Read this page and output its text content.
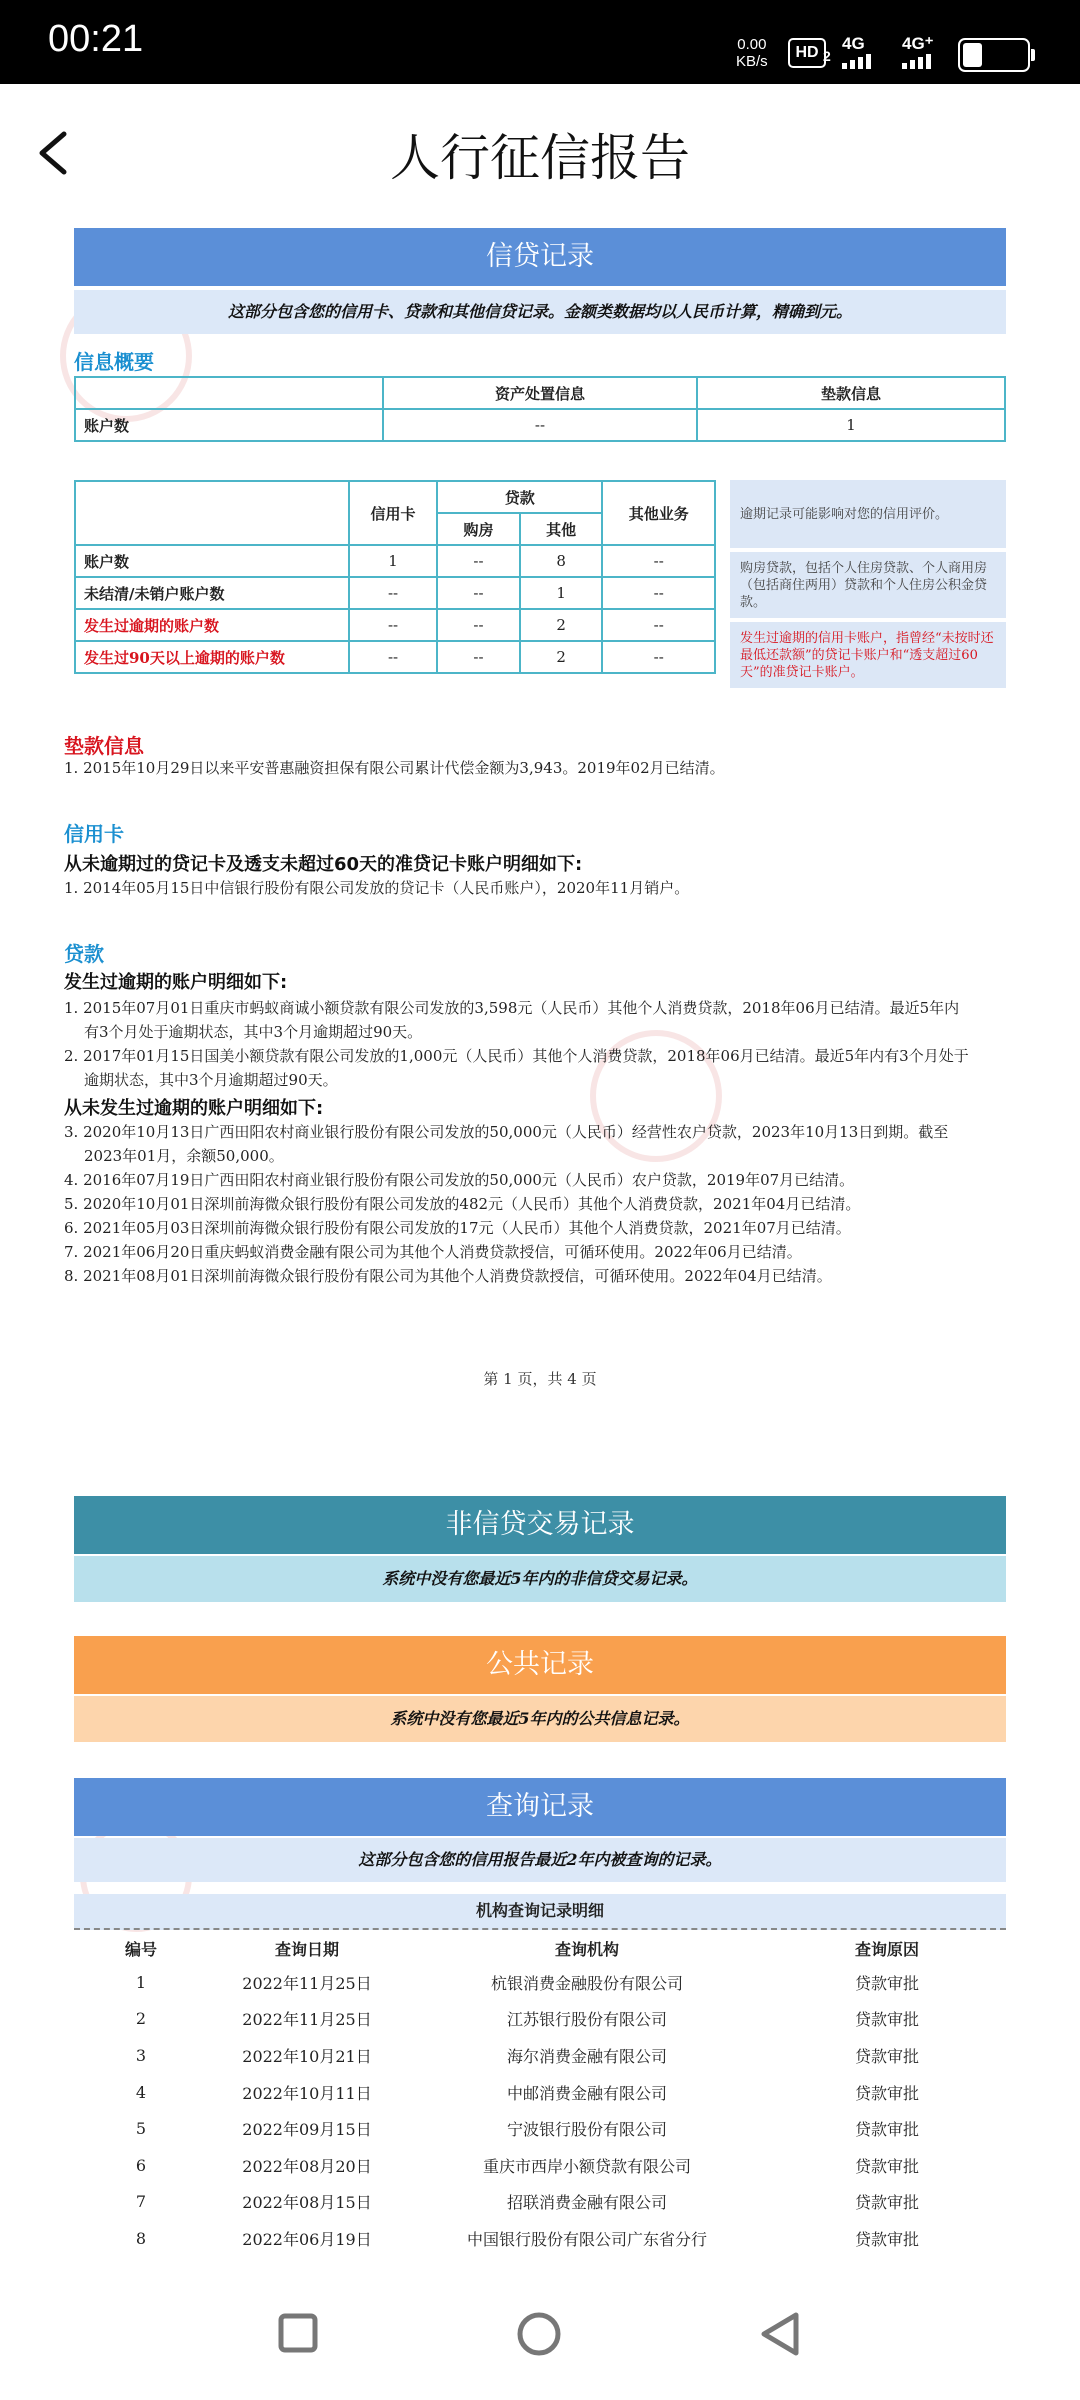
00:21	0.00
KB/s
HD 2
4G	4G⁺
人行征信报告
信贷记录
这部分包含您的信用卡、贷款和其他信贷记录。金额类数据均以人民币计算，精确到元。
信息概要
	资产处置信息	垫款信息
账户数	--	1
	信用卡	贷款		其他业务
		购房	其他	
账户数	1	--	8	--
未结清/未销户账户数	--	--	1	--
发生过逾期的账户数	--	--	2	--
发生过90天以上逾期的账户数	--	--	2	--
逾期记录可能影响对您的信用评价。
购房贷款，包括个人住房贷款、个人商用房（包括商住两用）贷款和个人住房公积金贷款。
发生过逾期的信用卡账户，指曾经“未按时还最低还款额”的贷记卡账户和“透支超过60天”的准贷记卡账户。
垫款信息
1. 2015年10月29日以来平安普惠融资担保有限公司累计代偿金额为3,943。2019年02月已结清。
信用卡
从未逾期过的贷记卡及透支未超过60天的准贷记卡账户明细如下:
1. 2014年05月15日中信银行股份有限公司发放的贷记卡（人民币账户），2020年11月销户。
贷款
发生过逾期的账户明细如下:
1. 2015年07月01日重庆市蚂蚁商诚小额贷款有限公司发放的3,598元（人民币）其他个人消费贷款，2018年06月已结清。最近5年内
有3个月处于逾期状态，其中3个月逾期超过90天。
2. 2017年01月15日国美小额贷款有限公司发放的1,000元（人民币）其他个人消费贷款，2018年06月已结清。最近5年内有3个月处于
逾期状态，其中3个月逾期超过90天。
从未发生过逾期的账户明细如下:
3. 2020年10月13日广西田阳农村商业银行股份有限公司发放的50,000元（人民币）经营性农户贷款，2023年10月13日到期。截至
2023年01月，余额50,000。
4. 2016年07月19日广西田阳农村商业银行股份有限公司发放的50,000元（人民币）农户贷款，2019年07月已结清。
5. 2020年10月01日深圳前海微众银行股份有限公司发放的482元（人民币）其他个人消费贷款，2021年04月已结清。
6. 2021年05月03日深圳前海微众银行股份有限公司发放的17元（人民币）其他个人消费贷款，2021年07月已结清。
7. 2021年06月20日重庆蚂蚁消费金融有限公司为其他个人消费贷款授信，可循环使用。2022年06月已结清。
8. 2021年08月01日深圳前海微众银行股份有限公司为其他个人消费贷款授信，可循环使用。2022年04月已结清。
第 1 页，共 4 页
非信贷交易记录
系统中没有您最近5年内的非信贷交易记录。
公共记录
系统中没有您最近5年内的公共信息记录。
查询记录
这部分包含您的信用报告最近2年内被查询的记录。
机构查询记录明细
编号	查询日期	查询机构	查询原因
1	2022年11月25日	杭银消费金融股份有限公司	贷款审批
2	2022年11月25日	江苏银行股份有限公司	贷款审批
3	2022年10月21日	海尔消费金融有限公司	贷款审批
4	2022年10月11日	中邮消费金融有限公司	贷款审批
5	2022年09月15日	宁波银行股份有限公司	贷款审批
6	2022年08月20日	重庆市西岸小额贷款有限公司	贷款审批
7	2022年08月15日	招联消费金融有限公司	贷款审批
8	2022年06月19日	中国银行股份有限公司广东省分行	贷款审批
